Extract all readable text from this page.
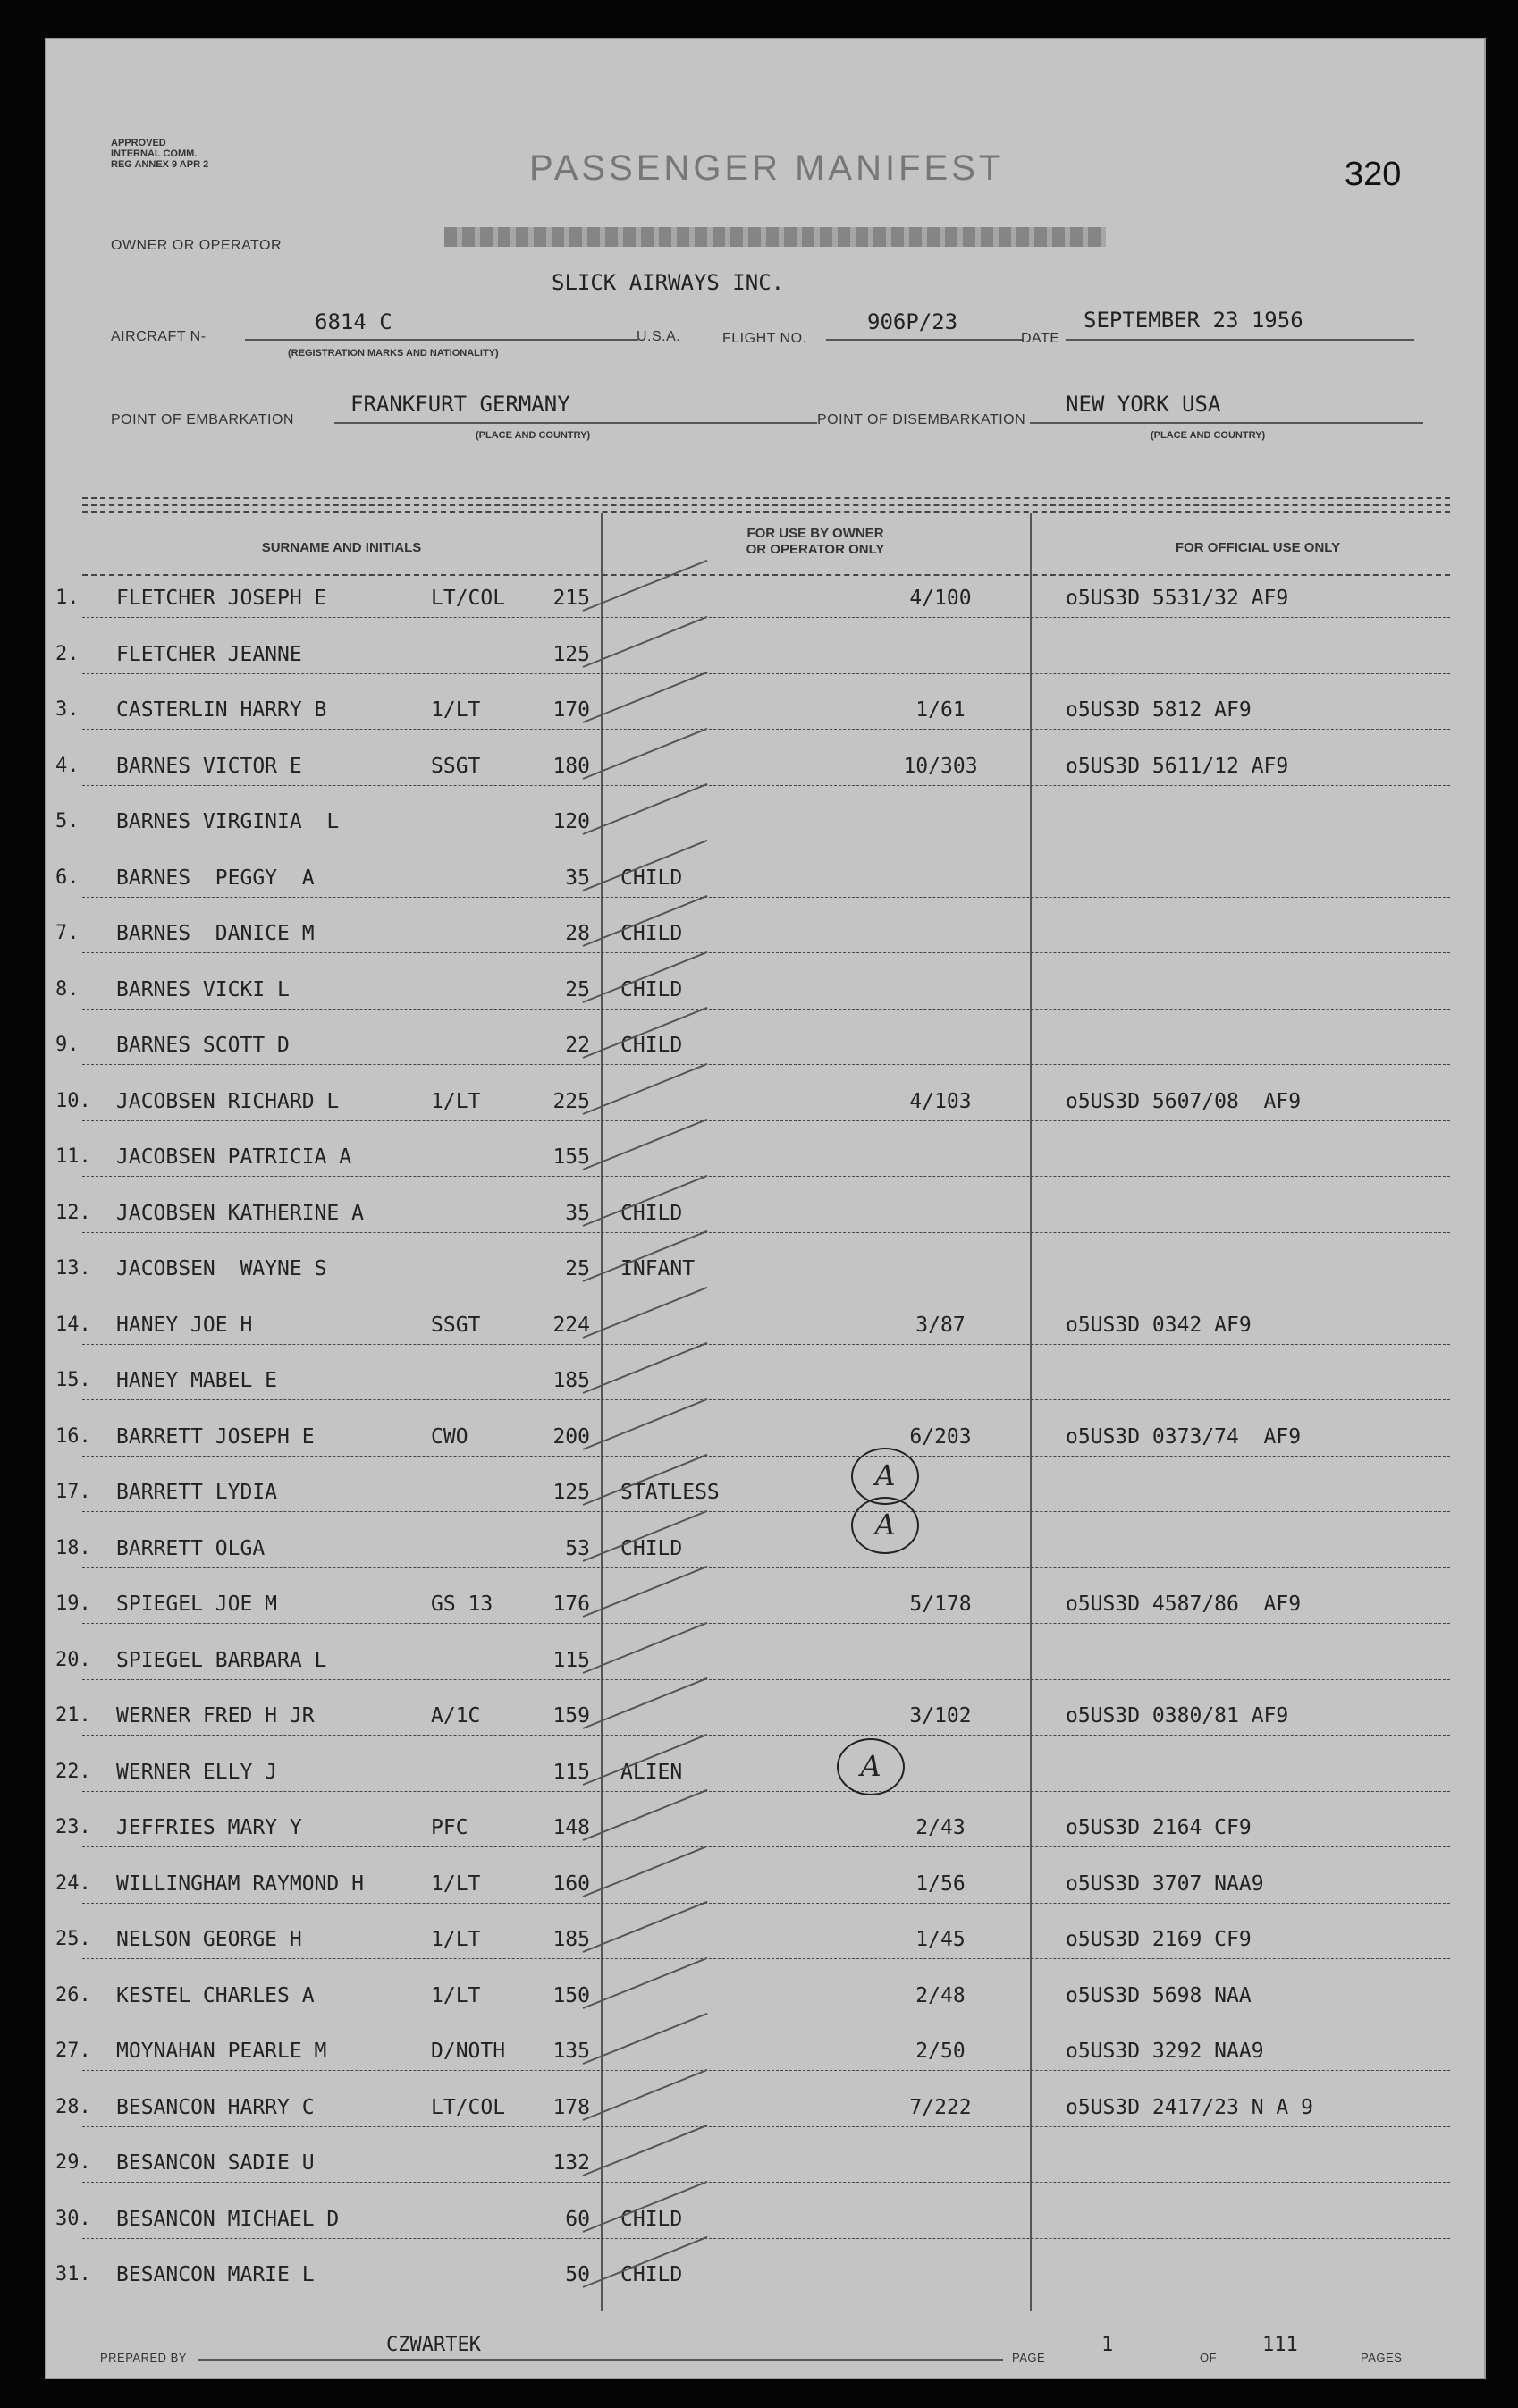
APPROVED
INTERNAL COMM.
REG ANNEX 9 APR 2	PASSENGER MANIFEST	320
OWNER OR OPERATOR
SLICK AIRWAYS INC.
AIRCRAFT N-
6814 C
(REGISTRATION MARKS AND NATIONALITY)
U.S.A.	FLIGHT NO.
906P/23
DATE
SEPTEMBER 23 1956
POINT OF EMBARKATION
FRANKFURT GERMANY
(PLACE AND COUNTRY)
POINT OF DISEMBARKATION
NEW YORK USA
(PLACE AND COUNTRY)
SURNAME AND INITIALS
FOR USE BY OWNER
OR OPERATOR ONLY	FOR OFFICIAL USE ONLY
1. FLETCHER JOSEPH E	LT/COL	215	4/100	o5US3D 5531/32 AF9
2. FLETCHER JEANNE	125
3. CASTERLIN HARRY B	1/LT	170	1/61	o5US3D 5812 AF9
4. BARNES VICTOR E	SSGT	180	10/303	o5US3D 5611/12 AF9
5. BARNES VIRGINIA  L	120
6. BARNES  PEGGY  A	35 CHILD
7. BARNES  DANICE M	28 CHILD
8. BARNES VICKI L	25 CHILD
9. BARNES SCOTT D	22 CHILD
10. JACOBSEN RICHARD L	1/LT	225	4/103	o5US3D 5607/08  AF9
11. JACOBSEN PATRICIA A	155
12. JACOBSEN KATHERINE A	35 CHILD
13. JACOBSEN  WAYNE S	25 INFANT
14. HANEY JOE H	SSGT	224	3/87	o5US3D 0342 AF9
15. HANEY MABEL E	185
16. BARRETT JOSEPH E	CWO	200	6/203	o5US3D 0373/74  AF9
17. BARRETT LYDIA	125 STATLESS
18. BARRETT OLGA	53 CHILD
19. SPIEGEL JOE M	GS 13	176	5/178	o5US3D 4587/86  AF9
20. SPIEGEL BARBARA L	115
21. WERNER FRED H JR	A/1C	159	3/102	o5US3D 0380/81 AF9
22. WERNER ELLY J	115 ALIEN
23. JEFFRIES MARY Y	PFC	148	2/43	o5US3D 2164 CF9
24. WILLINGHAM RAYMOND H	1/LT	160	1/56	o5US3D 3707 NAA9
25. NELSON GEORGE H	1/LT	185	1/45	o5US3D 2169 CF9
26. KESTEL CHARLES A	1/LT	150	2/48	o5US3D 5698 NAA
27. MOYNAHAN PEARLE M	D/NOTH	135	2/50	o5US3D 3292 NAA9
28. BESANCON HARRY C	LT/COL	178	7/222	o5US3D 2417/23 N A 9
29. BESANCON SADIE U	132
30. BESANCON MICHAEL D	60 CHILD
31. BESANCON MARIE L	50 CHILD
A
A
A
PREPARED BY
CZWARTEK
PAGE
1
OF
111
PAGES
